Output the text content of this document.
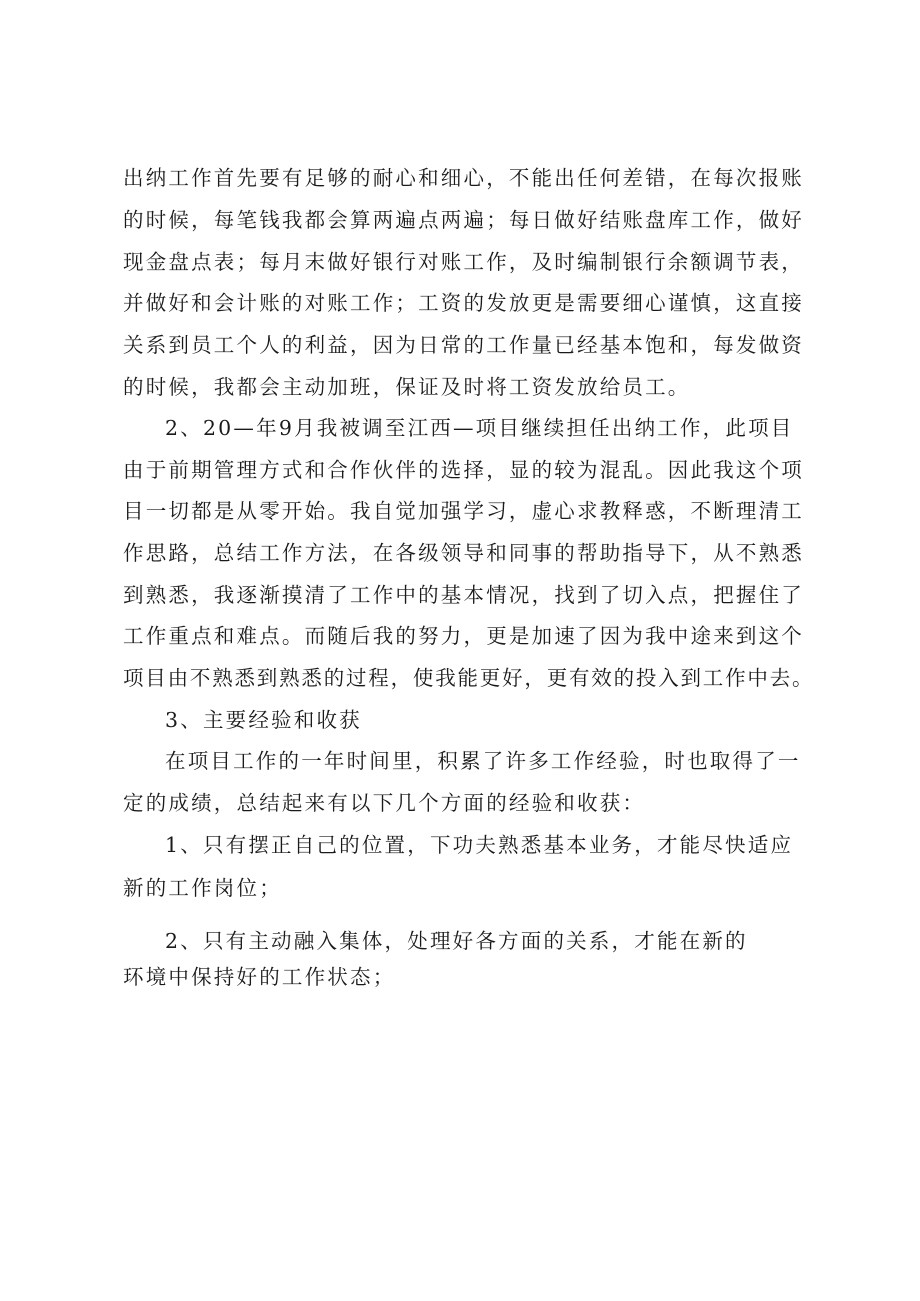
出纳工作首先要有足够的耐心和细心，不能出任何差错，在每次报账
的时候，每笔钱我都会算两遍点两遍；每日做好结账盘库工作，做好
现金盘点表；每月末做好银行对账工作，及时编制银行余额调节表，
并做好和会计账的对账工作；工资的发放更是需要细心谨慎，这直接
关系到员工个人的利益，因为日常的工作量已经基本饱和，每发做资
的时候，我都会主动加班，保证及时将工资发放给员工。
2、20—年9月我被调至江西—项目继续担任出纳工作，此项目
由于前期管理方式和合作伙伴的选择，显的较为混乱。因此我这个项
目一切都是从零开始。我自觉加强学习，虚心求教释惑，不断理清工
作思路，总结工作方法，在各级领导和同事的帮助指导下，从不熟悉
到熟悉，我逐渐摸清了工作中的基本情况，找到了切入点，把握住了
工作重点和难点。而随后我的努力，更是加速了因为我中途来到这个
项目由不熟悉到熟悉的过程，使我能更好，更有效的投入到工作中去。
3、主要经验和收获
在项目工作的一年时间里，积累了许多工作经验，时也取得了一
定的成绩，总结起来有以下几个方面的经验和收获：
1、只有摆正自己的位置，下功夫熟悉基本业务，才能尽快适应
新的工作岗位；
2、只有主动融入集体，处理好各方面的关系，才能在新的
环境中保持好的工作状态；
